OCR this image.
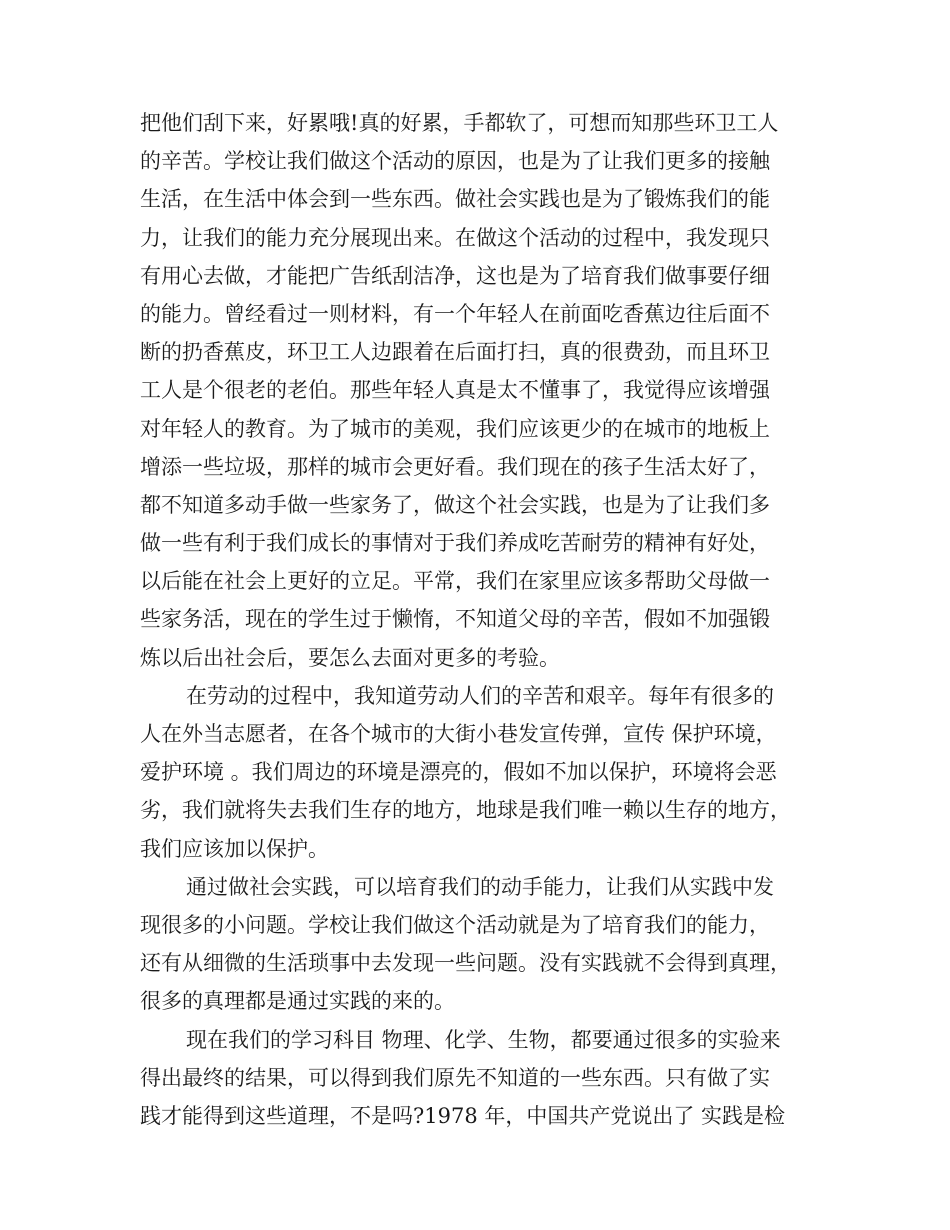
把他们刮下来，好累哦!真的好累，手都软了，可想而知那些环卫工人
的辛苦。学校让我们做这个活动的原因，也是为了让我们更多的接触
生活，在生活中体会到一些东西。做社会实践也是为了锻炼我们的能
力，让我们的能力充分展现出来。在做这个活动的过程中，我发现只
有用心去做，才能把广告纸刮洁净，这也是为了培育我们做事要仔细
的能力。曾经看过一则材料，有一个年轻人在前面吃香蕉边往后面不
断的扔香蕉皮，环卫工人边跟着在后面打扫，真的很费劲，而且环卫
工人是个很老的老伯。那些年轻人真是太不懂事了，我觉得应该增强
对年轻人的教育。为了城市的美观，我们应该更少的在城市的地板上
增添一些垃圾，那样的城市会更好看。我们现在的孩子生活太好了，
都不知道多动手做一些家务了，做这个社会实践，也是为了让我们多
做一些有利于我们成长的事情对于我们养成吃苦耐劳的精神有好处，
以后能在社会上更好的立足。平常，我们在家里应该多帮助父母做一
些家务活，现在的学生过于懒惰，不知道父母的辛苦，假如不加强锻
炼以后出社会后，要怎么去面对更多的考验。
在劳动的过程中，我知道劳动人们的辛苦和艰辛。每年有很多的
人在外当志愿者，在各个城市的大街小巷发宣传弹，宣传 保护环境，
爱护环境 。我们周边的环境是漂亮的，假如不加以保护，环境将会恶
劣，我们就将失去我们生存的地方，地球是我们唯一赖以生存的地方，
我们应该加以保护。
通过做社会实践，可以培育我们的动手能力，让我们从实践中发
现很多的小问题。学校让我们做这个活动就是为了培育我们的能力，
还有从细微的生活琐事中去发现一些问题。没有实践就不会得到真理，
很多的真理都是通过实践的来的。
现在我们的学习科目 物理、化学、生物，都要通过很多的实验来
得出最终的结果，可以得到我们原先不知道的一些东西。只有做了实
践才能得到这些道理，不是吗?1978 年，中国共产党说出了 实践是检
